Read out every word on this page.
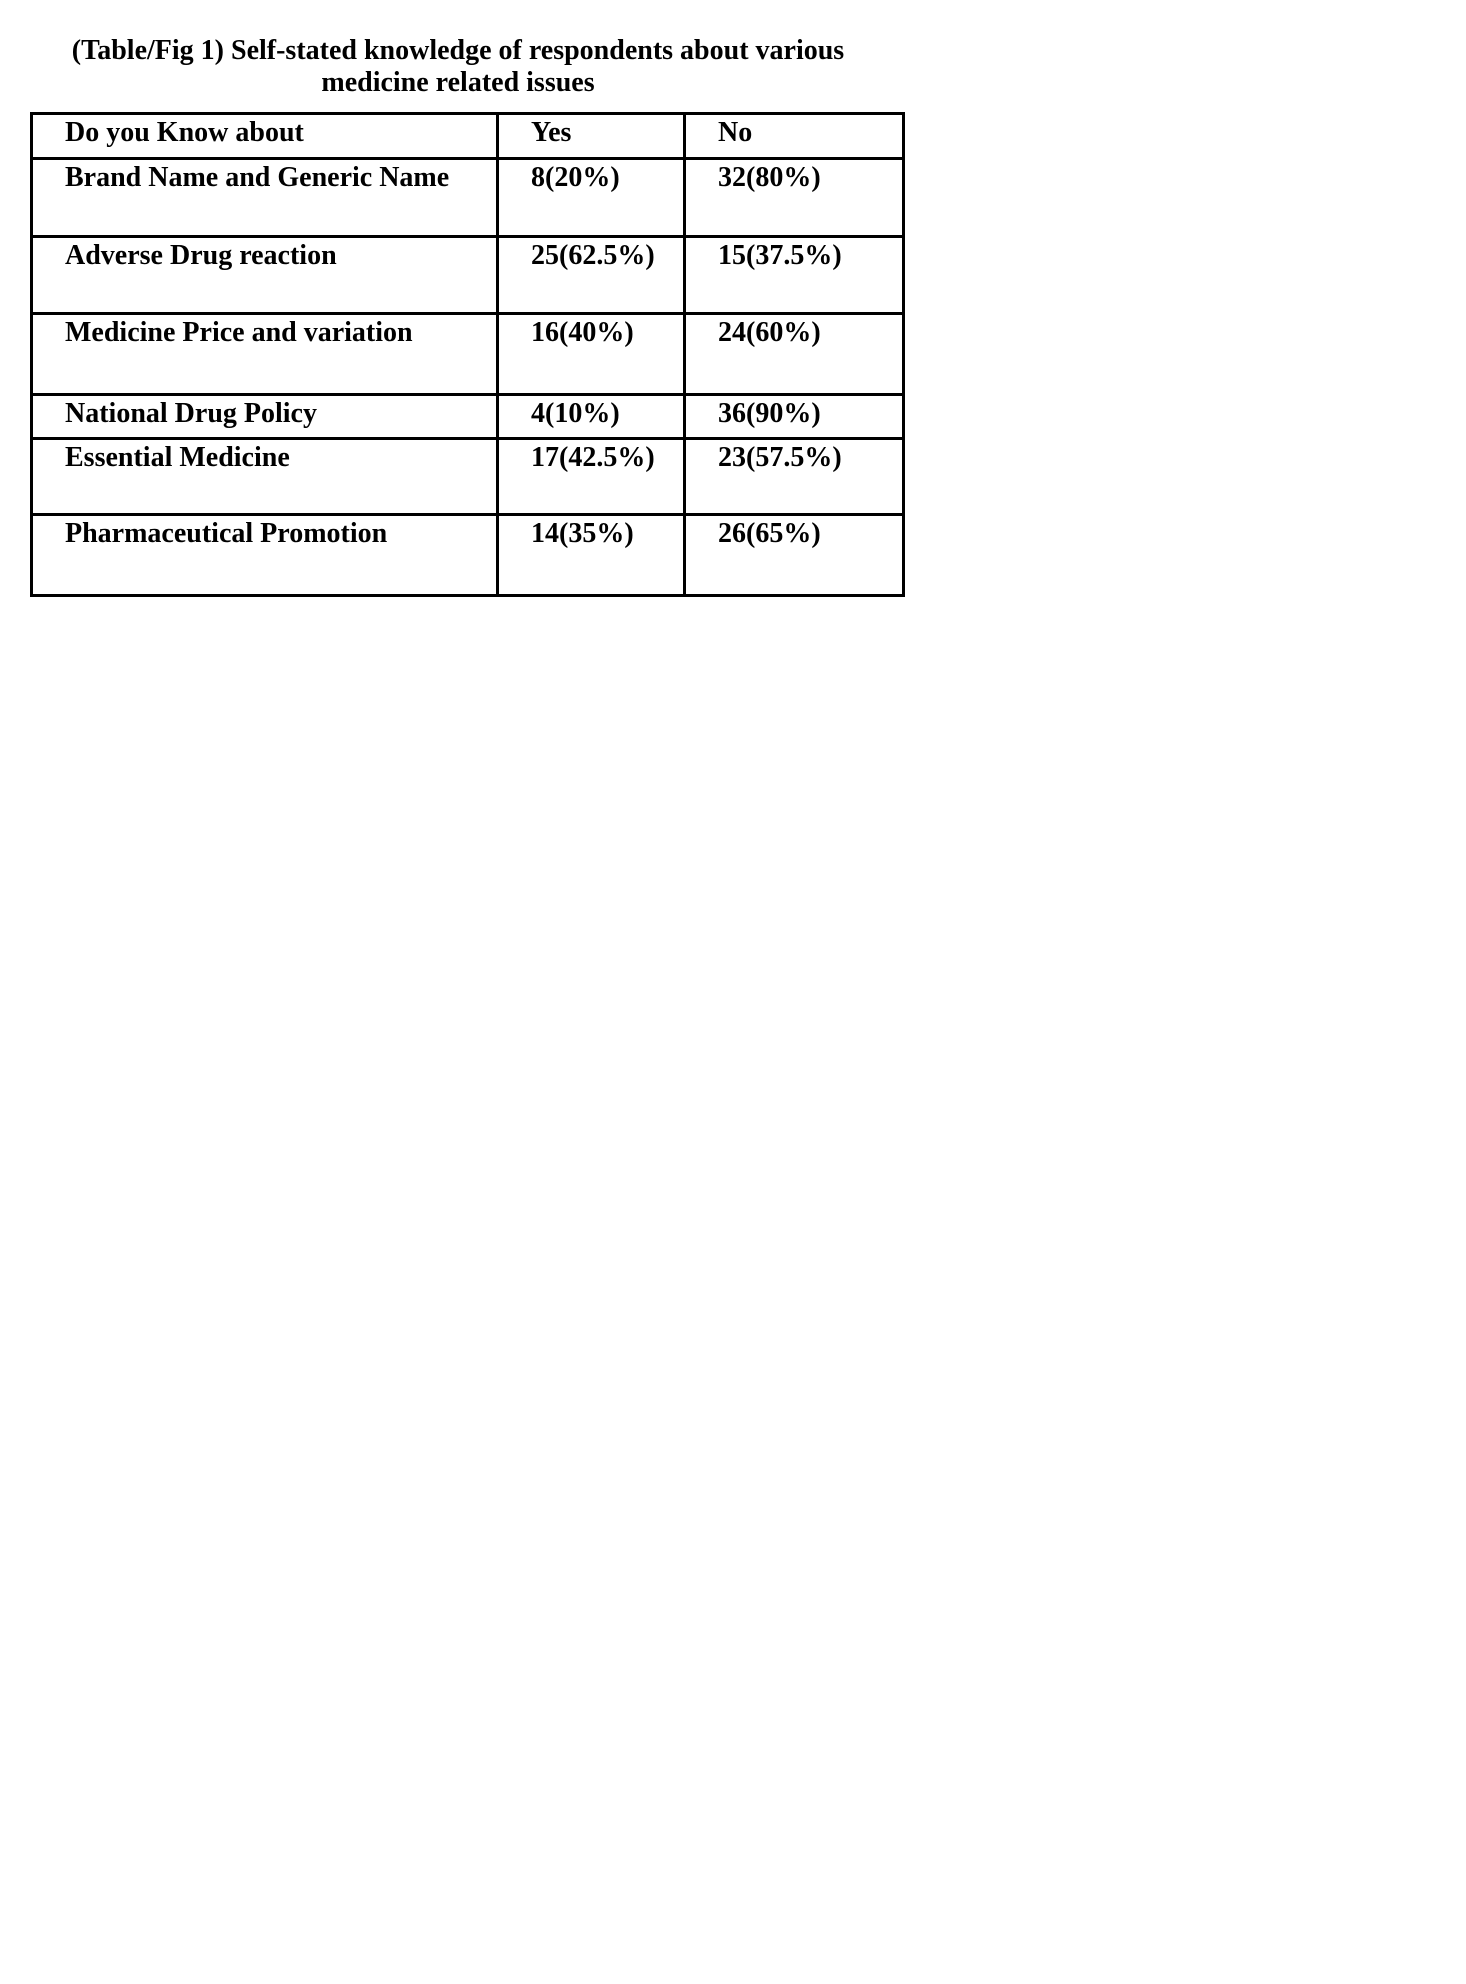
(Table/Fig 1) Self-stated knowledge of respondents about various
medicine related issues
Do you Know about	Yes	No
Brand Name and Generic Name	8(20%)	32(80%)
Adverse Drug reaction	25(62.5%)	15(37.5%)
Medicine Price and variation	16(40%)	24(60%)
National Drug Policy	4(10%)	36(90%)
Essential Medicine	17(42.5%)	23(57.5%)
Pharmaceutical Promotion	14(35%)	26(65%)
